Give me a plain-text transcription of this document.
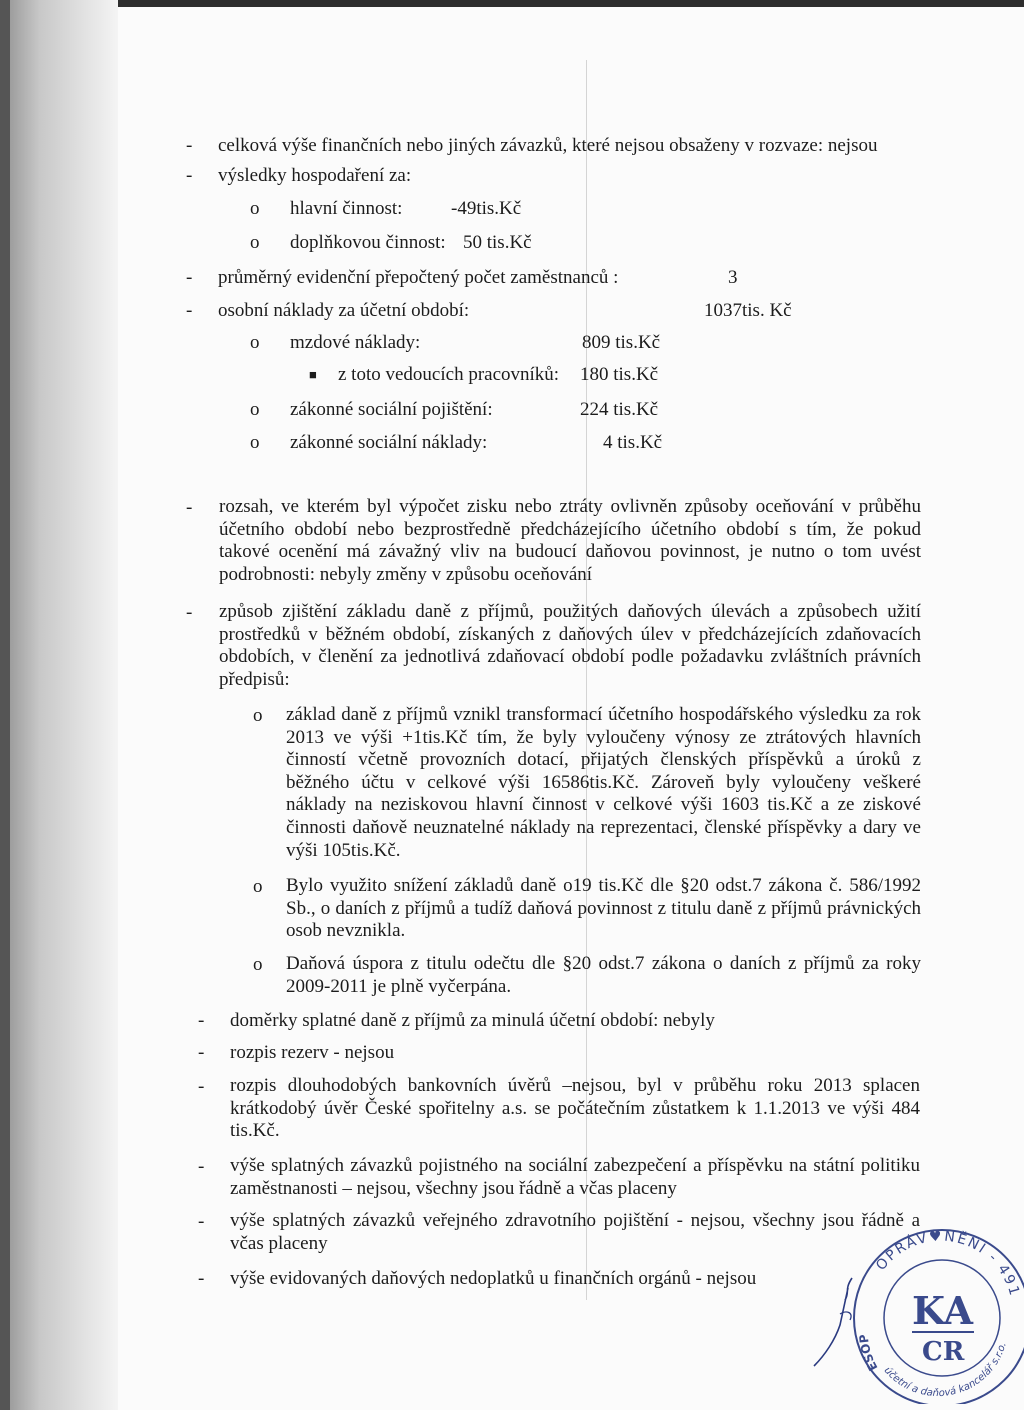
- celková výše finančních nebo jiných závazků, které nejsou obsaženy v rozvaze: nejsou
- výsledky hospodaření za:
o hlavní činnost:	-49tis.Kč
o doplňkovou činnost: 50 tis.Kč
- průměrný evidenční přepočtený počet zaměstnanců :	3
- osobní náklady za účetní období:	1037tis. Kč
o mzdové náklady:	809 tis.Kč
■ z toto vedoucích pracovníků: 180 tis.Kč
o zákonné sociální pojištění:	224 tis.Kč
o zákonné sociální náklady:	4 tis.Kč
- rozsah, ve kterém byl výpočet zisku nebo ztráty ovlivněn způsoby oceňování v průběhu účetního období nebo bezprostředně předcházejícího účetního období s tím, že pokud takové ocenění má závažný vliv na budoucí daňovou povinnost, je nutno o tom uvést podrobnosti: nebyly změny v způsobu oceňování
- způsob zjištění základu daně z příjmů, použitých daňových úlevách a způsobech užití prostředků v běžném období, získaných z daňových úlev v předcházejících zdaňovacích obdobích, v členění za jednotlivá zdaňovací období podle požadavku zvláštních právních předpisů:
o základ daně z příjmů vznikl transformací účetního hospodářského výsledku za rok 2013 ve výši +1tis.Kč tím, že byly vyloučeny výnosy ze ztrátových hlavních činností včetně provozních dotací, přijatých členských příspěvků a úroků z běžného účtu v celkové výši 16586tis.Kč. Zároveň byly vyloučeny veškeré náklady na neziskovou hlavní činnost v celkové výši 1603 tis.Kč a ze ziskové činnosti daňově neuznatelné náklady na reprezentaci, členské příspěvky a dary ve výši 105tis.Kč.
o Bylo využito snížení základů daně o19 tis.Kč dle §20 odst.7 zákona č. 586/1992 Sb., o daních z příjmů a tudíž daňová povinnost z titulu daně z příjmů právnických osob nevznikla.
o Daňová úspora z titulu odečtu dle §20 odst.7 zákona o daních z příjmů za roky 2009-2011 je plně vyčerpána.
- doměrky splatné daně z příjmů za minulá účetní období: nebyly
- rozpis rezerv - nejsou
- rozpis dlouhodobých bankovních úvěrů –nejsou, byl v průběhu roku 2013 splacen krátkodobý úvěr České spořitelny a.s. se počátečním zůstatkem k 1.1.2013 ve výši 484 tis.Kč.
- výše splatných závazků pojistného na sociální zabezpečení a příspěvku na státní politiku zaměstnanosti – nejsou, všechny jsou řádně a včas placeny
- výše splatných závazků veřejného zdravotního pojištění - nejsou, všechny jsou řádně a včas placeny
- výše evidovaných daňových nedoplatků u finančních orgánů - nejsou
OPRÁV♥NĚNÍ - 491
účetní a daňová kancelář s.r.o.
ESOP
KA
CR
